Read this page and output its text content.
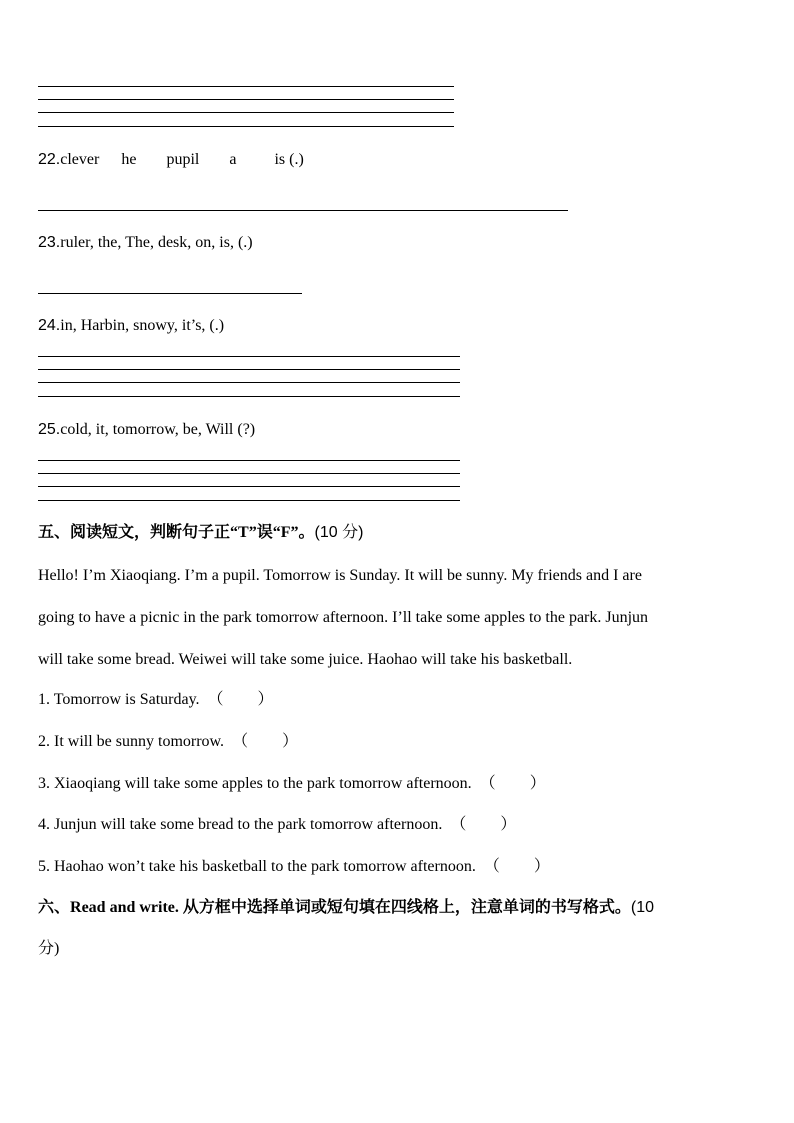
22.clever he pupil a is (.)
23.ruler, the, The, desk, on, is, (.)
24.in, Harbin, snowy, it’s, (.)
25.cold, it, tomorrow, be, Will (?)
五、阅读短文，判断句子正“T”误“F”。(10 分)
Hello! I’m Xiaoqiang. I’m a pupil. Tomorrow is Sunday. It will be sunny. My friends and I are
going to have a picnic in the park tomorrow afternoon. I’ll take some apples to the park. Junjun
will take some bread. Weiwei will take some juice. Haohao will take his basketball.
1. Tomorrow is Saturday. （ ）
2. It will be sunny tomorrow. （ ）
3. Xiaoqiang will take some apples to the park tomorrow afternoon. （ ）
4. Junjun will take some bread to the park tomorrow afternoon. （ ）
5. Haohao won’t take his basketball to the park tomorrow afternoon. （ ）
六、Read and write. 从方框中选择单词或短句填在四线格上，注意单词的书写格式。(10
分)
